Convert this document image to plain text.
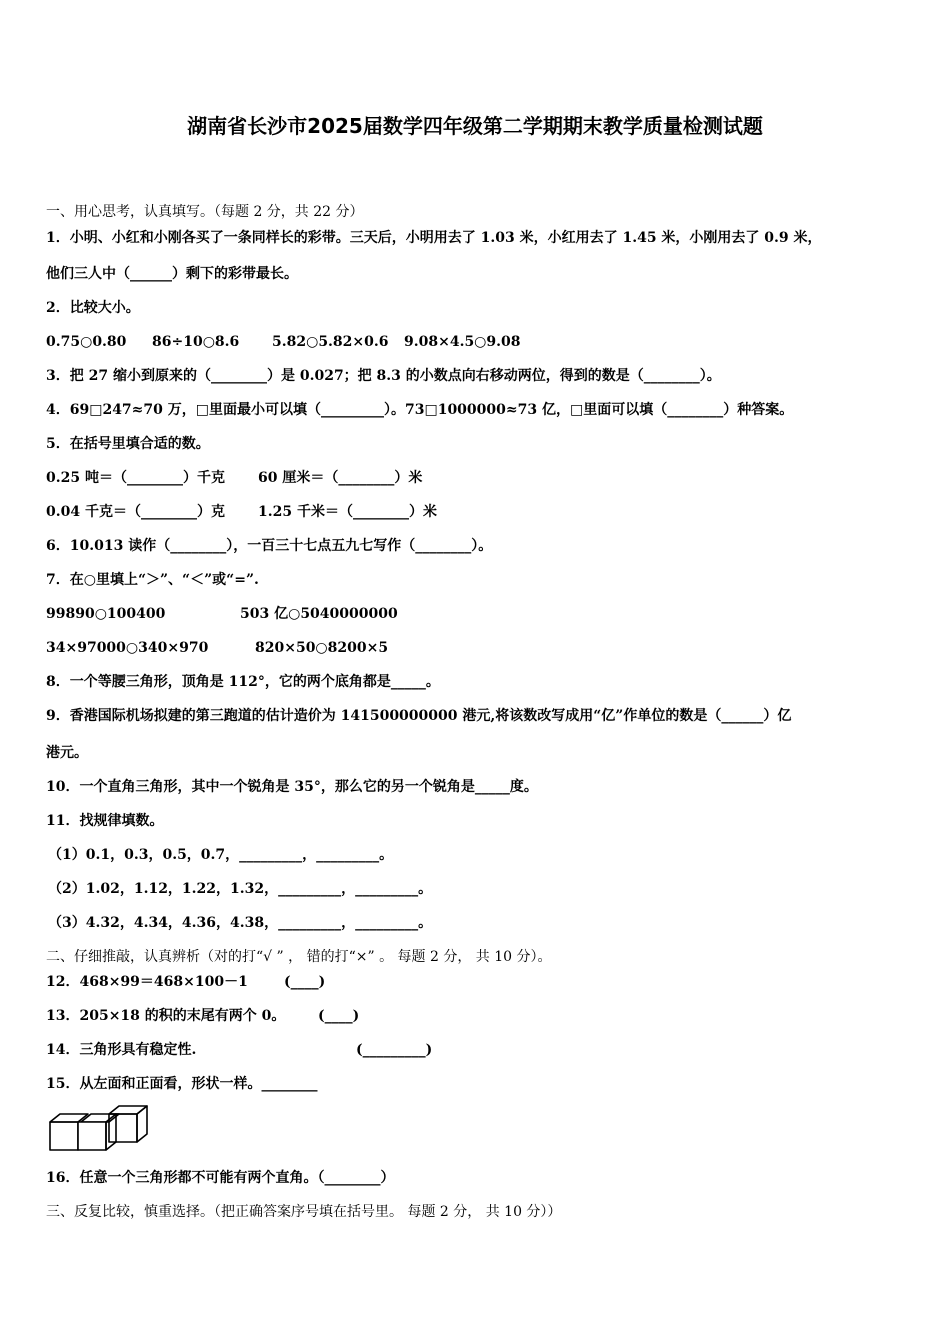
湖南省长沙市2025届数学四年级第二学期期末教学质量检测试题
一、用心思考，认真填写。（每题 2 分，共 22 分）
1．小明、小红和小刚各买了一条同样长的彩带。三天后，小明用去了 1.03 米，小红用去了 1.45 米，小刚用去了 0.9 米，
他们三人中（______）剩下的彩带最长。
2．比较大小。
0.75○0.80 86÷10○8.6 5.82○5.82×0.6 9.08×4.5○9.08
3．把 27 缩小到原来的（________）是 0.027；把 8.3 的小数点向右移动两位，得到的数是（________）。
4．69□247≈70 万，□里面最小可以填（_________）。73□1000000≈73 亿，□里面可以填（________）种答案。
5．在括号里填合适的数。
0.25 吨＝（________）千克 60 厘米＝（________）米
0.04 千克＝（________）克 1.25 千米＝（________）米
6．10.013 读作（________），一百三十七点五九七写作（________）。
7．在○里填上“＞”、“＜”或“=”.
99890○100400	503 亿○5040000000
34×97000○340×970	820×50○8200×5
8．一个等腰三角形，顶角是 112°，它的两个底角都是_____。
9．香港国际机场拟建的第三跑道的估计造价为 141500000000 港元,将该数改写成用“亿”作单位的数是（______）亿
港元。
10．一个直角三角形，其中一个锐角是 35°，那么它的另一个锐角是_____度。
11．找规律填数。
（1）0.1，0.3，0.5，0.7，_________，_________。
（2）1.02，1.12，1.22，1.32，_________，_________。
（3）4.32，4.34，4.36，4.38，_________，_________。
二、仔细推敲，认真辨析（对的打“√ ” ， 错的打“×” 。 每题 2 分， 共 10 分）。
12．468×99＝468×100－1	(____)
13．205×18 的积的末尾有两个 0。 (____)
14．三角形具有稳定性.	(_________)
15．从左面和正面看，形状一样。________
16．任意一个三角形都不可能有两个直角。（________）
三、反复比较，慎重选择。（把正确答案序号填在括号里。 每题 2 分， 共 10 分））
